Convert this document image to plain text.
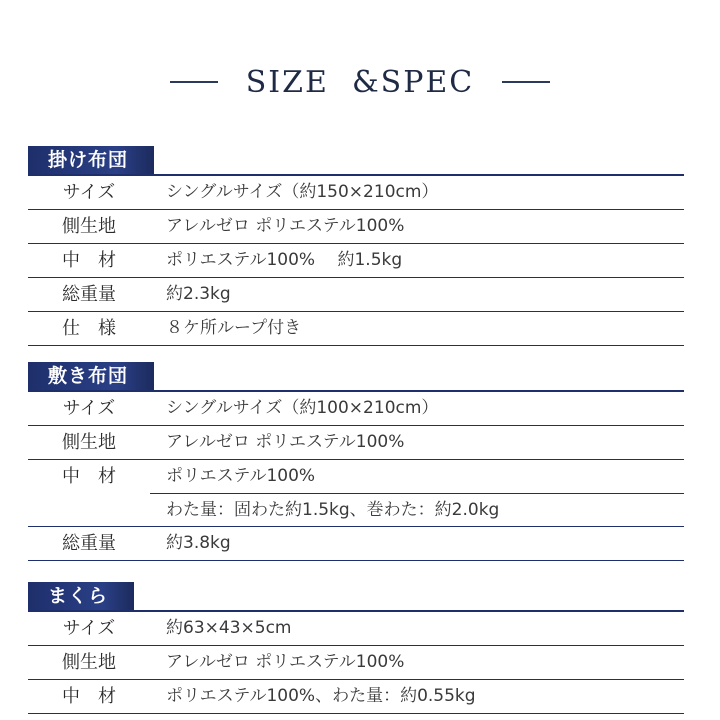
SIZE  &SPEC
掛け布団
サイズ	シングルサイズ（約150×210cm）
側生地	アレルゼロ ポリエステル100%
中　材	ポリエステル100%　 約1.5kg
総重量	約2.3kg
仕　様	８ケ所ループ付き
敷き布団
サイズ	シングルサイズ（約100×210cm）
側生地	アレルゼロ ポリエステル100%
中　材	ポリエステル100%
わた量：固わた約1.5kg、巻わた：約2.0kg
総重量	約3.8kg
まくら
サイズ	約63×43×5cm
側生地	アレルゼロ ポリエステル100%
中　材	ポリエステル100%、わた量：約0.55kg
